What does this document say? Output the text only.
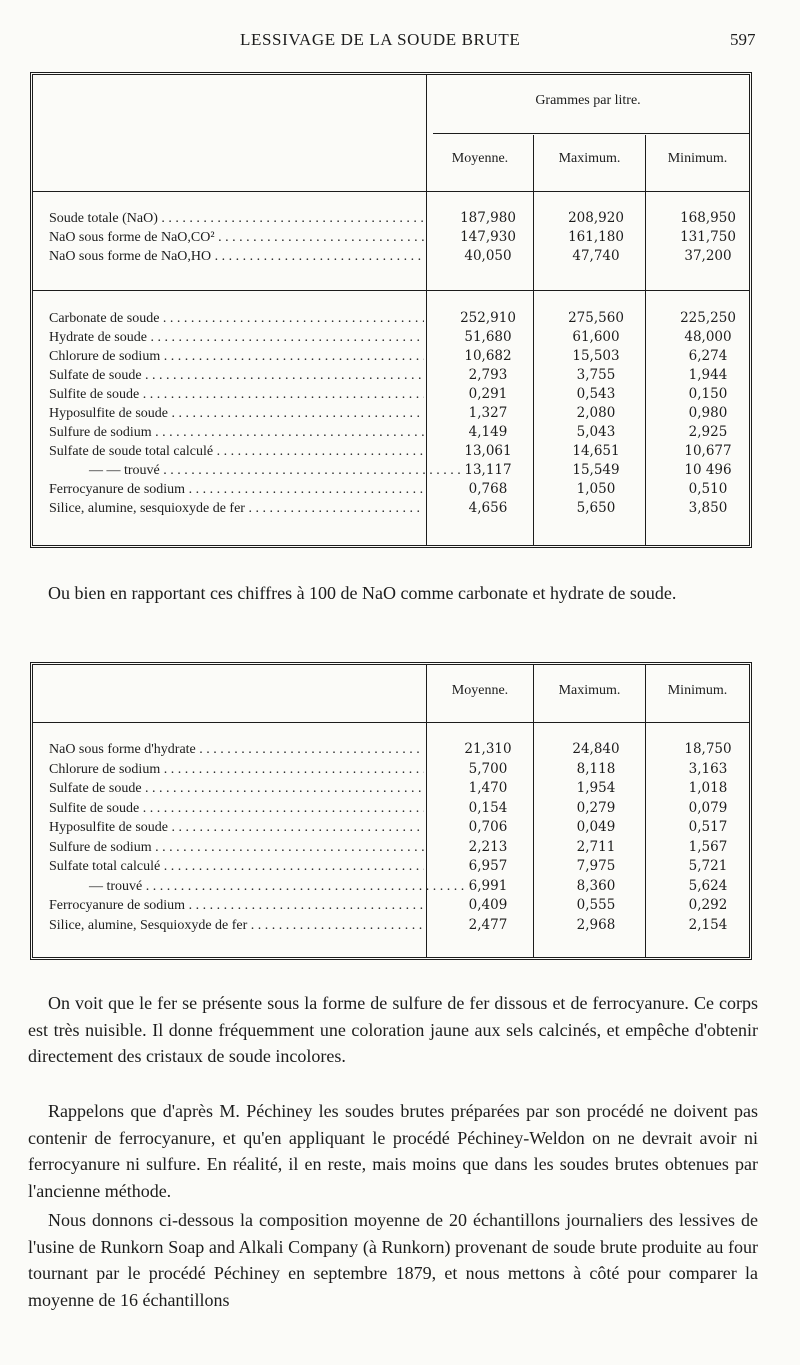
LESSIVAGE DE LA SOUDE BRUTE	597
Grammes par litre.
Moyenne.	Maximum.	Minimum.
Soude totale (NaO) . . .	187,980	208,920	168,950
NaO sous forme de NaO,CO² . . .	147,930	161,180	131,750
NaO sous forme de NaO,HO . . .	40,050	47,740	37,200
Carbonate de soude . . .	252,910	275,560	225,250
Hydrate de soude . . .	51,680	61,600	48,000
Chlorure de sodium . . .	10,682	15,503	6,274
Sulfate de soude . . .	2,793	3,755	1,944
Sulfite de soude . . .	0,291	0,543	0,150
Hyposulfite de soude . . .	1,327	2,080	0,980
Sulfure de sodium . . .	4,149	5,043	2,925
Sulfate de soude total calculé . . .	13,061	14,651	10,677
— — trouvé . . .	13,117	15,549	10 496
Ferrocyanure de sodium . . .	0,768	1,050	0,510
Silice, alumine, sesquioxyde de fer . . .	4,656	5,650	3,850

Ou bien en rapportant ces chiffres à 100 de NaO comme carbonate et hydrate de soude.

Moyenne.	Maximum.	Minimum.
NaO sous forme d'hydrate . . .	21,310	24,840	18,750
Chlorure de sodium . . .	5,700	8,118	3,163
Sulfate de soude . . .	1,470	1,954	1,018
Sulfite de soude . . .	0,154	0,279	0,079
Hyposulfite de soude . . .	0,706	0,049	0,517
Sulfure de sodium . . .	2,213	2,711	1,567
Sulfate total calculé . . .	6,957	7,975	5,721
— trouvé . . .	6,991	8,360	5,624
Ferrocyanure de sodium . . .	0,409	0,555	0,292
Silice, alumine, Sesquioxyde de fer . . .	2,477	2,968	2,154

On voit que le fer se présente sous la forme de sulfure de fer dissous et de ferrocyanure. Ce corps est très nuisible. Il donne fréquemment une coloration jaune aux sels calcinés, et empêche d'obtenir directement des cristaux de soude incolores.

Rappelons que d'après M. Péchiney les soudes brutes préparées par son procédé ne doivent pas contenir de ferrocyanure, et qu'en appliquant le procédé Péchiney-Weldon on ne devrait avoir ni ferrocyanure ni sulfure. En réalité, il en reste, mais moins que dans les soudes brutes obtenues par l'ancienne méthode.

Nous donnons ci-dessous la composition moyenne de 20 échantillons journaliers des lessives de l'usine de Runkorn Soap and Alkali Company (à Runkorn) provenant de soude brute produite au four tournant par le procédé Péchiney en septembre 1879, et nous mettons à côté pour comparer la moyenne de 16 échantillons
